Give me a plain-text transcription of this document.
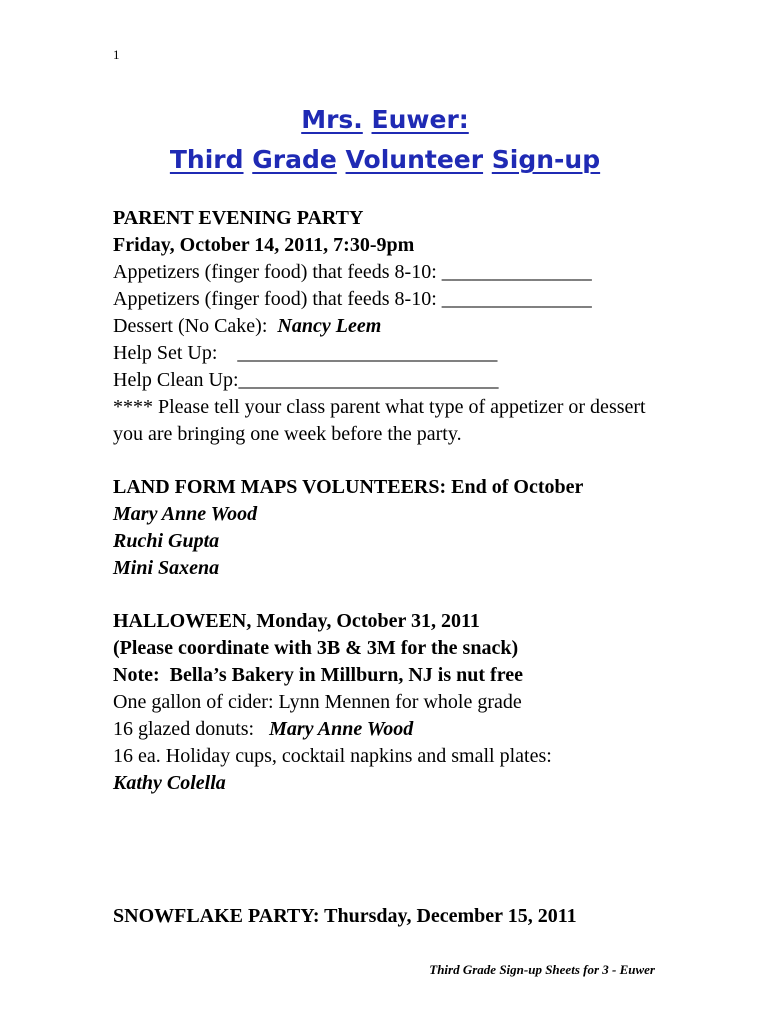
1
Mrs. Euwer:
Third Grade Volunteer Sign-up
PARENT EVENING PARTY
Friday, October 14, 2011, 7:30-9pm
Appetizers (finger food) that feeds 8-10: _______________
Appetizers (finger food) that feeds 8-10: _______________
Dessert (No Cake):  Nancy Leem
Help Set Up:    __________________________
Help Clean Up:__________________________
**** Please tell your class parent what type of appetizer or dessert you are bringing one week before the party.
LAND FORM MAPS VOLUNTEERS: End of October
Mary Anne Wood
Ruchi Gupta
Mini Saxena
HALLOWEEN, Monday, October 31, 2011
(Please coordinate with 3B & 3M for the snack)
Note:  Bella’s Bakery in Millburn, NJ is nut free
One gallon of cider: Lynn Mennen for whole grade
16 glazed donuts:   Mary Anne Wood
16 ea. Holiday cups, cocktail napkins and small plates:
Kathy Colella
SNOWFLAKE PARTY: Thursday, December 15, 2011
Third Grade Sign-up Sheets for 3 - Euwer
